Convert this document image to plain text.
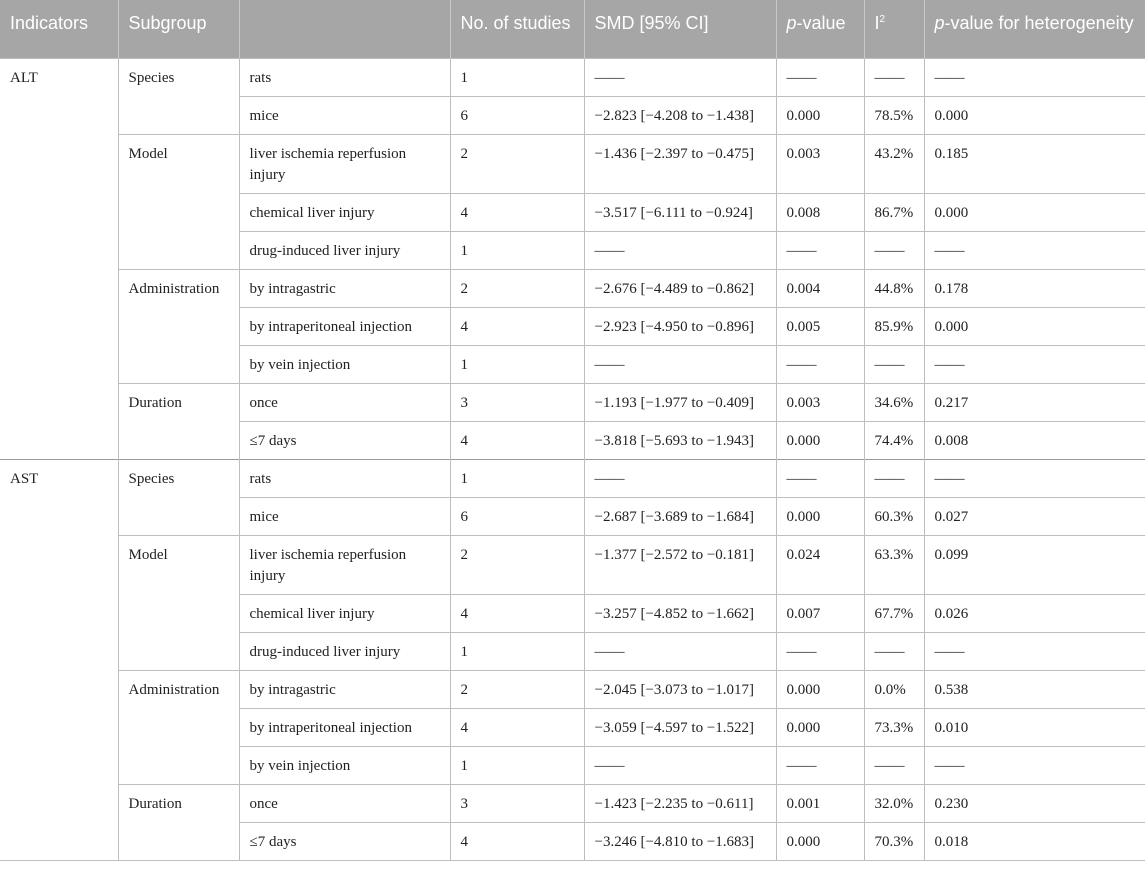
Indicators	Subgroup		No. of studies	SMD [95% CI]	p-value	$I^2$	p-value for heterogeneity
ALT	Species	rats	1	——	——	——	——
		mice	6	−2.823 [−4.208 to −1.438]	0.000	78.5%	0.000
	Model	liver ischemia reperfusion injury	2	−1.436 [−2.397 to −0.475]	0.003	43.2%	0.185
		chemical liver injury	4	−3.517 [−6.111 to −0.924]	0.008	86.7%	0.000
		drug-induced liver injury	1	——	——	——	——
	Administration	by intragastric	2	−2.676 [−4.489 to −0.862]	0.004	44.8%	0.178
		by intraperitoneal injection	4	−2.923 [−4.950 to −0.896]	0.005	85.9%	0.000
		by vein injection	1	——	——	——	——
	Duration	once	3	−1.193 [−1.977 to −0.409]	0.003	34.6%	0.217
		≤7 days	4	−3.818 [−5.693 to −1.943]	0.000	74.4%	0.008
AST	Species	rats	1	——	——	——	——
		mice	6	−2.687 [−3.689 to −1.684]	0.000	60.3%	0.027
	Model	liver ischemia reperfusion injury	2	−1.377 [−2.572 to −0.181]	0.024	63.3%	0.099
		chemical liver injury	4	−3.257 [−4.852 to −1.662]	0.007	67.7%	0.026
		drug-induced liver injury	1	——	——	——	——
	Administration	by intragastric	2	−2.045 [−3.073 to −1.017]	0.000	0.0%	0.538
		by intraperitoneal injection	4	−3.059 [−4.597 to −1.522]	0.000	73.3%	0.010
		by vein injection	1	——	——	——	——
	Duration	once	3	−1.423 [−2.235 to −0.611]	0.001	32.0%	0.230
		≤7 days	4	−3.246 [−4.810 to −1.683]	0.000	70.3%	0.018
